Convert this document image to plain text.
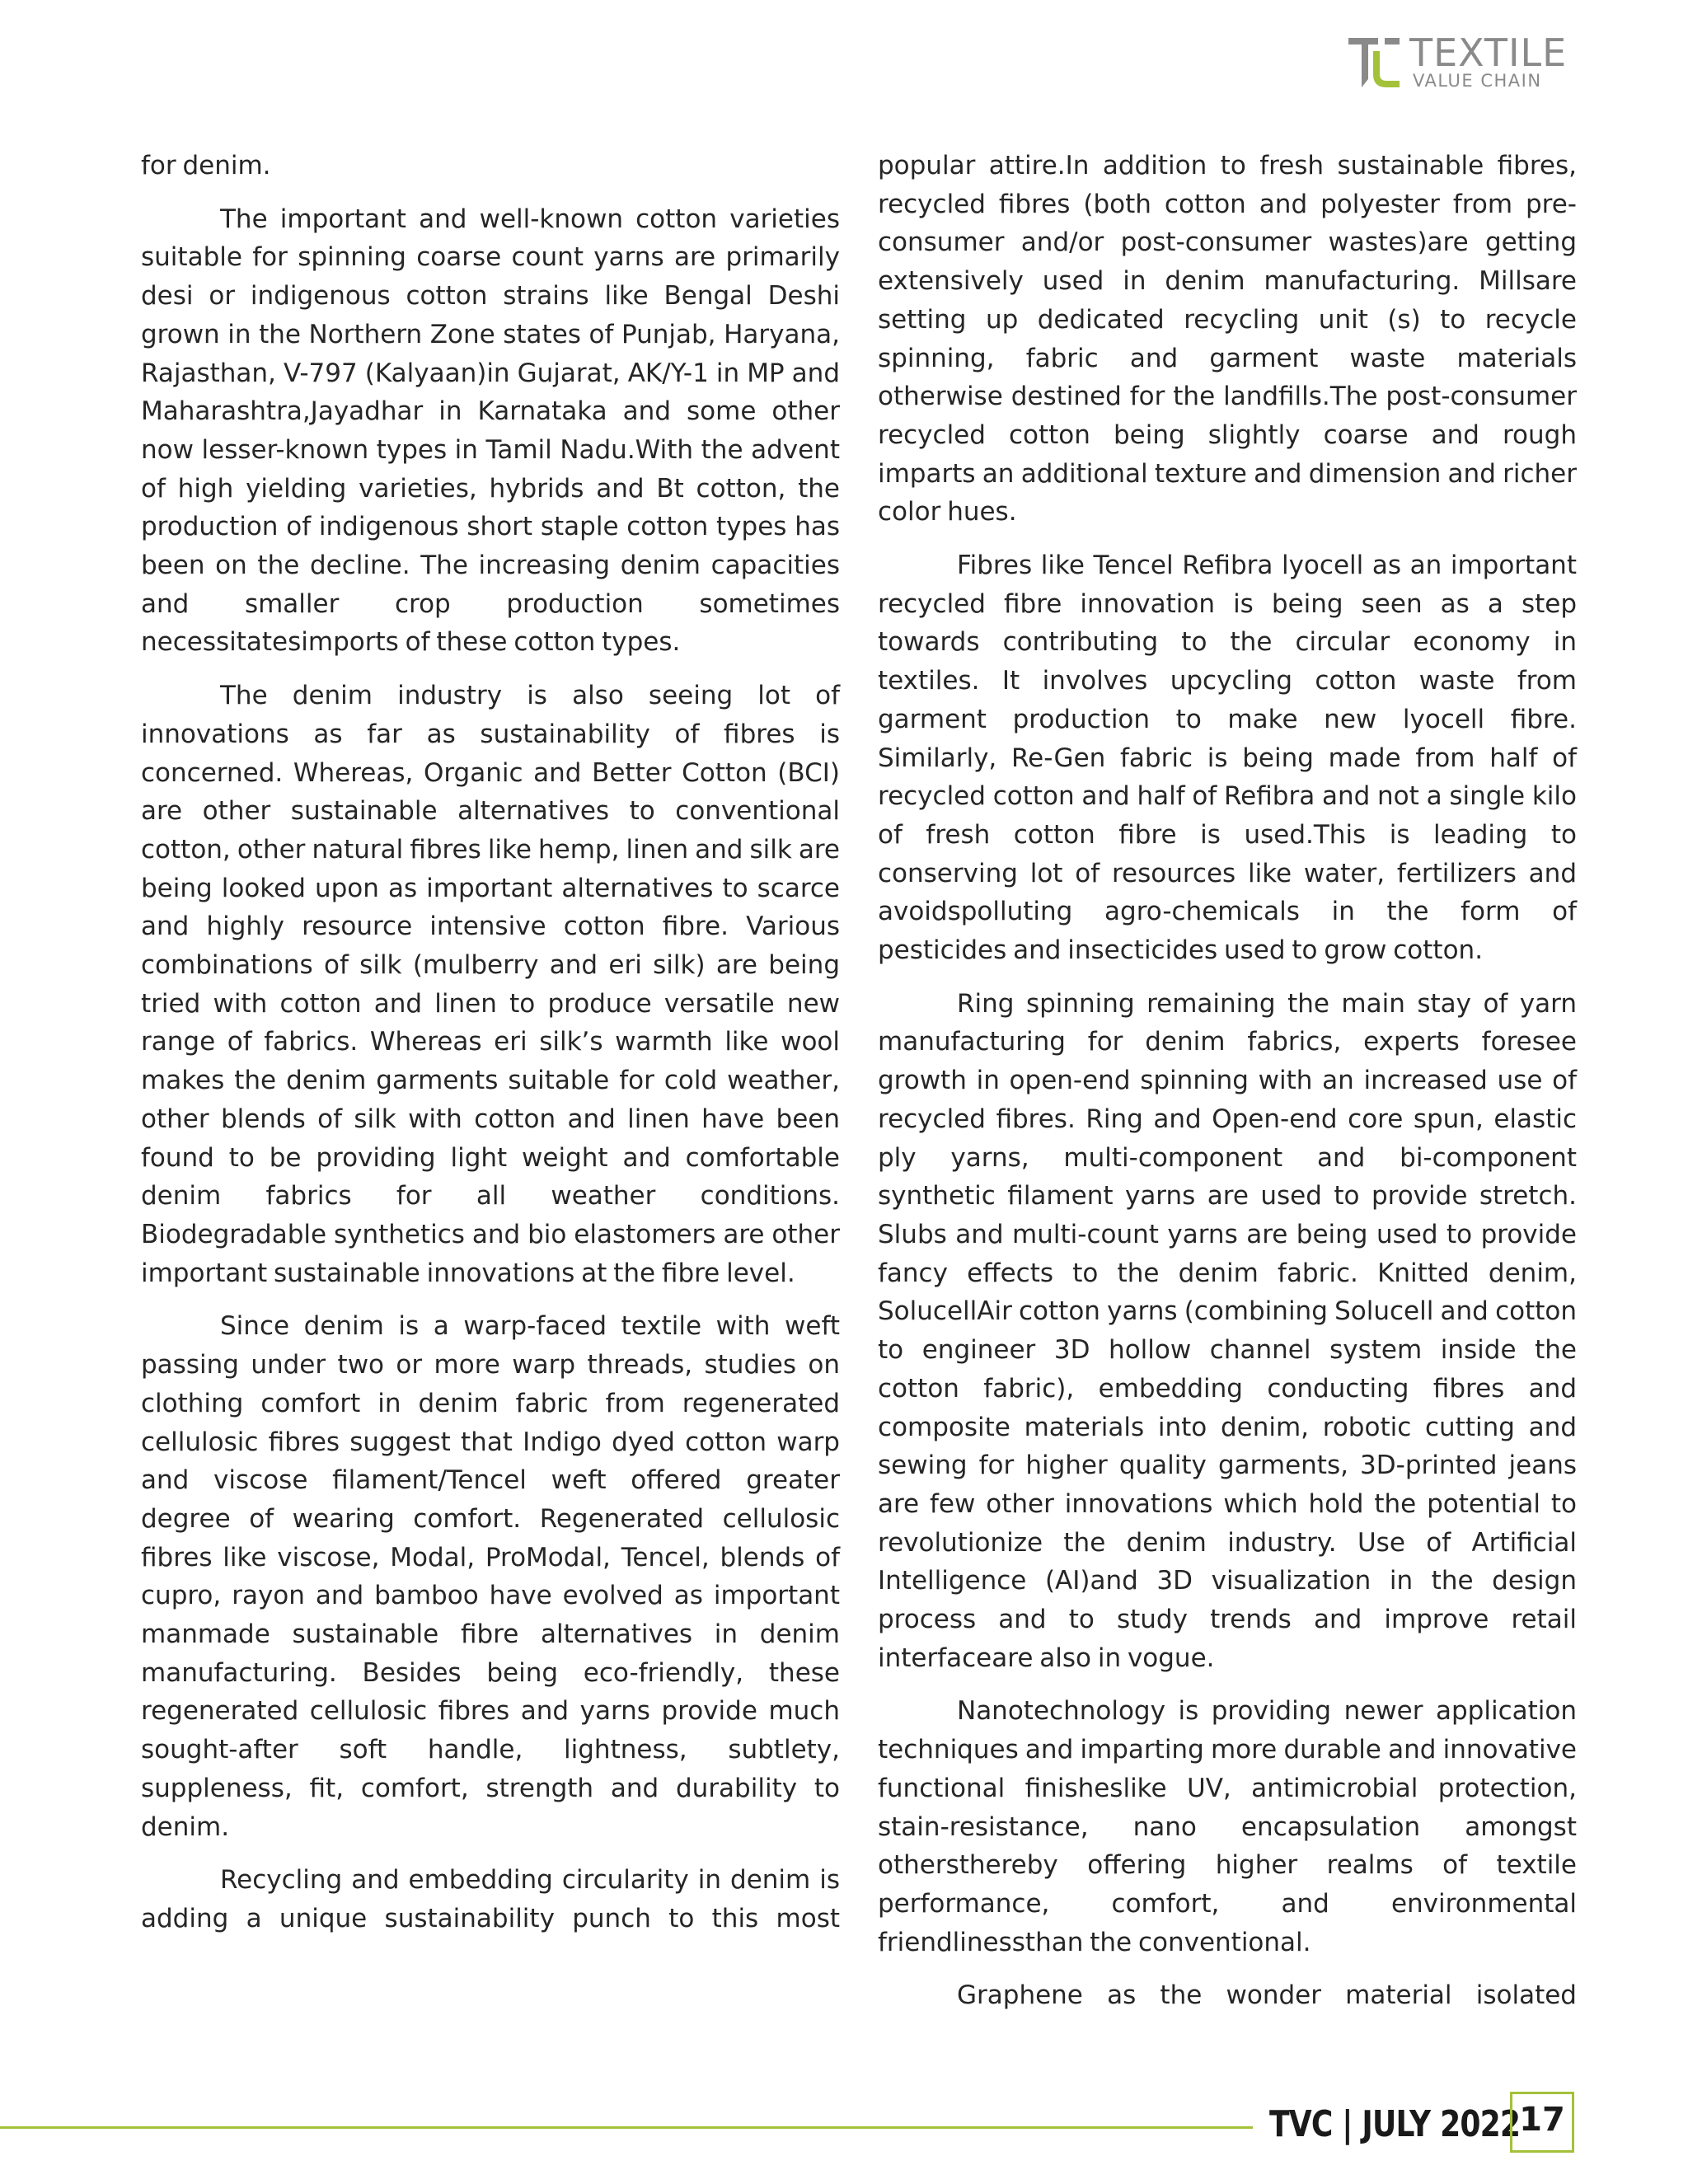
TEXTILE
VALUE CHAIN

for denim.

The important and well-known cotton varieties suitable for spinning coarse count yarns are primarily desi or indigenous cotton strains like Bengal Deshi grown in the Northern Zone states of Punjab, Haryana, Rajasthan, V-797 (Kalyaan)in Gujarat, AK/Y-1 in MP and Maharashtra,Jayadhar in Karnataka and some other now lesser-known types in Tamil Nadu.With the advent of high yielding varieties, hybrids and Bt cotton, the production of indigenous short staple cotton types has been on the decline. The increasing denim capacities and smaller crop production sometimes necessitatesimports of these cotton types.

The denim industry is also seeing lot of innovations as far as sustainability of fibres is concerned. Whereas, Organic and Better Cotton (BCI) are other sustainable alternatives to conventional cotton, other natural fibres like hemp, linen and silk are being looked upon as important alternatives to scarce and highly resource intensive cotton fibre. Various combinations of silk (mulberry and eri silk) are being tried with cotton and linen to produce versatile new range of fabrics. Whereas eri silk’s warmth like wool makes the denim garments suitable for cold weather, other blends of silk with cotton and linen have been found to be providing light weight and comfortable denim fabrics for all weather conditions. Biodegradable synthetics and bio elastomers are other important sustainable innovations at the fibre level.

Since denim is a warp-faced textile with weft passing under two or more warp threads, studies on clothing comfort in denim fabric from regenerated cellulosic fibres suggest that Indigo dyed cotton warp and viscose filament/Tencel weft offered greater degree of wearing comfort. Regenerated cellulosic fibres like viscose, Modal, ProModal, Tencel, blends of cupro, rayon and bamboo have evolved as important manmade sustainable fibre alternatives in denim manufacturing. Besides being eco-friendly, these regenerated cellulosic fibres and yarns provide much sought-after soft handle, lightness, subtlety, suppleness, fit, comfort, strength and durability to denim.

Recycling and embedding circularity in denim is adding a unique sustainability punch to this most

popular attire.In addition to fresh sustainable fibres, recycled fibres (both cotton and polyester from pre-consumer and/or post-consumer wastes)are getting extensively used in denim manufacturing. Millsare setting up dedicated recycling unit (s) to recycle spinning, fabric and garment waste materials otherwise destined for the landfills.The post-consumer recycled cotton being slightly coarse and rough imparts an additional texture and dimension and richer color hues.

Fibres like Tencel Refibra lyocell as an important recycled fibre innovation is being seen as a step towards contributing to the circular economy in textiles. It involves upcycling cotton waste from garment production to make new lyocell fibre. Similarly, Re-Gen fabric is being made from half of recycled cotton and half of Refibra and not a single kilo of fresh cotton fibre is used.This is leading to conserving lot of resources like water, fertilizers and avoidspolluting agro-chemicals in the form of pesticides and insecticides used to grow cotton.

Ring spinning remaining the main stay of yarn manufacturing for denim fabrics, experts foresee growth in open-end spinning with an increased use of recycled fibres. Ring and Open-end core spun, elastic ply yarns, multi-component and bi-component synthetic filament yarns are used to provide stretch. Slubs and multi-count yarns are being used to provide fancy effects to the denim fabric. Knitted denim, SolucellAir cotton yarns (combining Solucell and cotton to engineer 3D hollow channel system inside the cotton fabric), embedding conducting fibres and composite materials into denim, robotic cutting and sewing for higher quality garments, 3D-printed jeans are few other innovations which hold the potential to revolutionize the denim industry. Use of Artificial Intelligence (AI)and 3D visualization in the design process and to study trends and improve retail interfaceare also in vogue.

Nanotechnology is providing newer application techniques and imparting more durable and innovative functional finisheslike UV, antimicrobial protection, stain-resistance, nano encapsulation amongst othersthereby offering higher realms of textile performance, comfort, and environmental friendlinessthan the conventional.

Graphene as the wonder material isolated

TVC | JULY 2022
17
